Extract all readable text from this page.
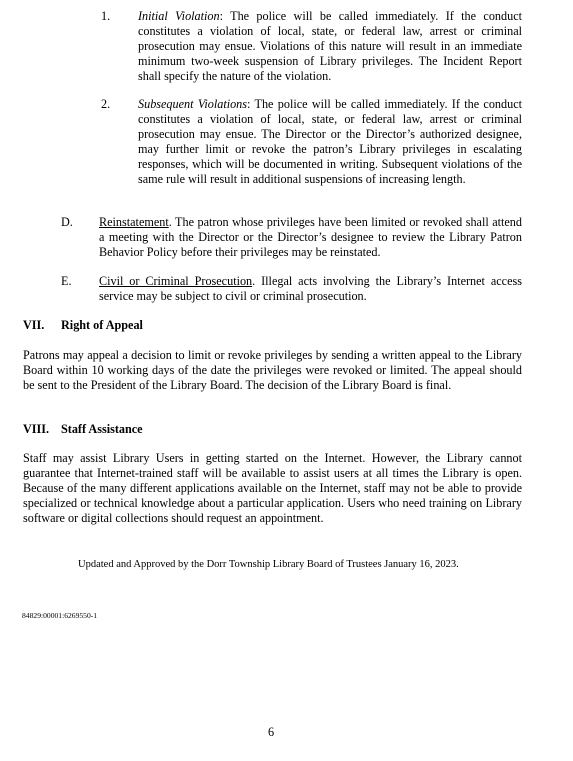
1. Initial Violation: The police will be called immediately. If the conduct constitutes a violation of local, state, or federal law, arrest or criminal prosecution may ensue. Violations of this nature will result in an immediate minimum two-week suspension of Library privileges. The Incident Report shall specify the nature of the violation.
2. Subsequent Violations: The police will be called immediately. If the conduct constitutes a violation of local, state, or federal law, arrest or criminal prosecution may ensue. The Director or the Director’s authorized designee, may further limit or revoke the patron’s Library privileges in escalating responses, which will be documented in writing. Subsequent violations of the same rule will result in additional suspensions of increasing length.
D. Reinstatement. The patron whose privileges have been limited or revoked shall attend a meeting with the Director or the Director’s designee to review the Library Patron Behavior Policy before their privileges may be reinstated.
E. Civil or Criminal Prosecution. Illegal acts involving the Library’s Internet access service may be subject to civil or criminal prosecution.
VII. Right of Appeal
Patrons may appeal a decision to limit or revoke privileges by sending a written appeal to the Library Board within 10 working days of the date the privileges were revoked or limited. The appeal should be sent to the President of the Library Board. The decision of the Library Board is final.
VIII. Staff Assistance
Staff may assist Library Users in getting started on the Internet. However, the Library cannot guarantee that Internet-trained staff will be available to assist users at all times the Library is open. Because of the many different applications available on the Internet, staff may not be able to provide specialized or technical knowledge about a particular application. Users who need training on Library software or digital collections should request an appointment.
Updated and Approved by the Dorr Township Library Board of Trustees January 16, 2023.
84829:00001:6269550-1
6
